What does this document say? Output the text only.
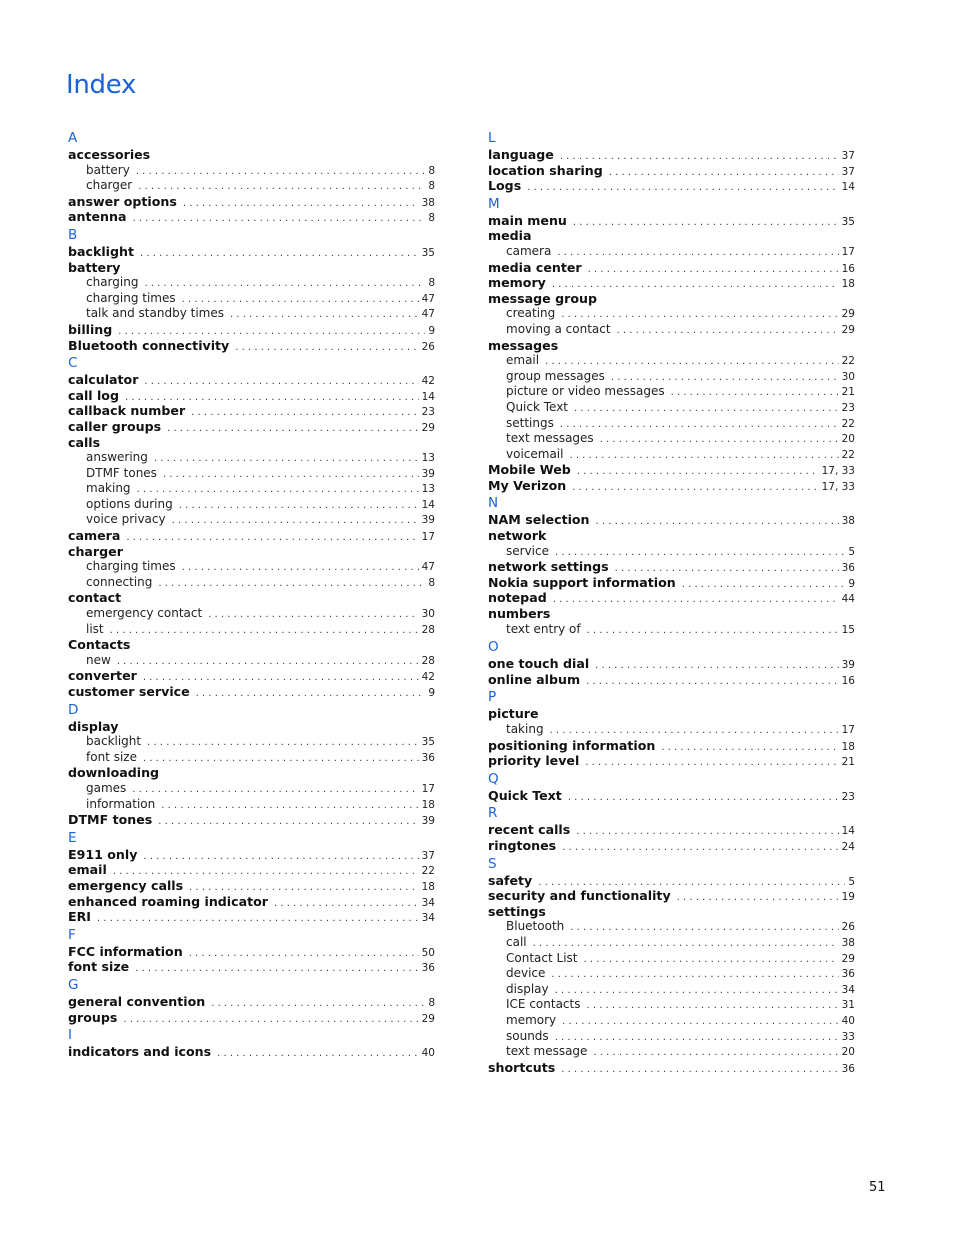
Index
A
accessories
battery . . .	8
charger . . .	8
answer options . . .	38
antenna . . .	8
B
backlight . . .	35
battery
charging . . .	8
charging times . . .	47
talk and standby times . . .	47
billing . . .	9
Bluetooth connectivity . . .	26
C
calculator . . .	42
call log . . .	14
callback number . . .	23
caller groups . . .	29
calls
answering . . .	13
DTMF tones . . .	39
making . . .	13
options during . . .	14
voice privacy . . .	39
camera . . .	17
charger
charging times . . .	47
connecting . . .	8
contact
emergency contact . . .	30
list . . .	28
Contacts
new . . .	28
converter . . .	42
customer service . . .	9
D
display
backlight . . .	35
font size . . .	36
downloading
games . . .	17
information . . .	18
DTMF tones . . .	39
E
E911 only . . .	37
email . . .	22
emergency calls . . .	18
enhanced roaming indicator . . .	34
ERI . . .	34
F
FCC information . . .	50
font size . . .	36
G
general convention . . .	8
groups . . .	29
I
indicators and icons . . .	40
L
language . . .	37
location sharing . . .	37
Logs . . .	14
M
main menu . . .	35
media
camera . . .	17
media center . . .	16
memory . . .	18
message group
creating . . .	29
moving a contact . . .	29
messages
email . . .	22
group messages . . .	30
picture or video messages . . .	21
Quick Text . . .	23
settings . . .	22
text messages . . .	20
voicemail . . .	22
Mobile Web . . .	17, 33
My Verizon . . .	17, 33
N
NAM selection . . .	38
network
service . . .	5
network settings . . .	36
Nokia support information . . .	9
notepad . . .	44
numbers
text entry of . . .	15
O
one touch dial . . .	39
online album . . .	16
P
picture
taking . . .	17
positioning information . . .	18
priority level . . .	21
Q
Quick Text . . .	23
R
recent calls . . .	14
ringtones . . .	24
S
safety . . .	5
security and functionality . . .	19
settings
Bluetooth . . .	26
call . . .	38
Contact List . . .	29
device . . .	36
display . . .	34
ICE contacts . . .	31
memory . . .	40
sounds . . .	33
text message . . .	20
shortcuts . . .	36
51
